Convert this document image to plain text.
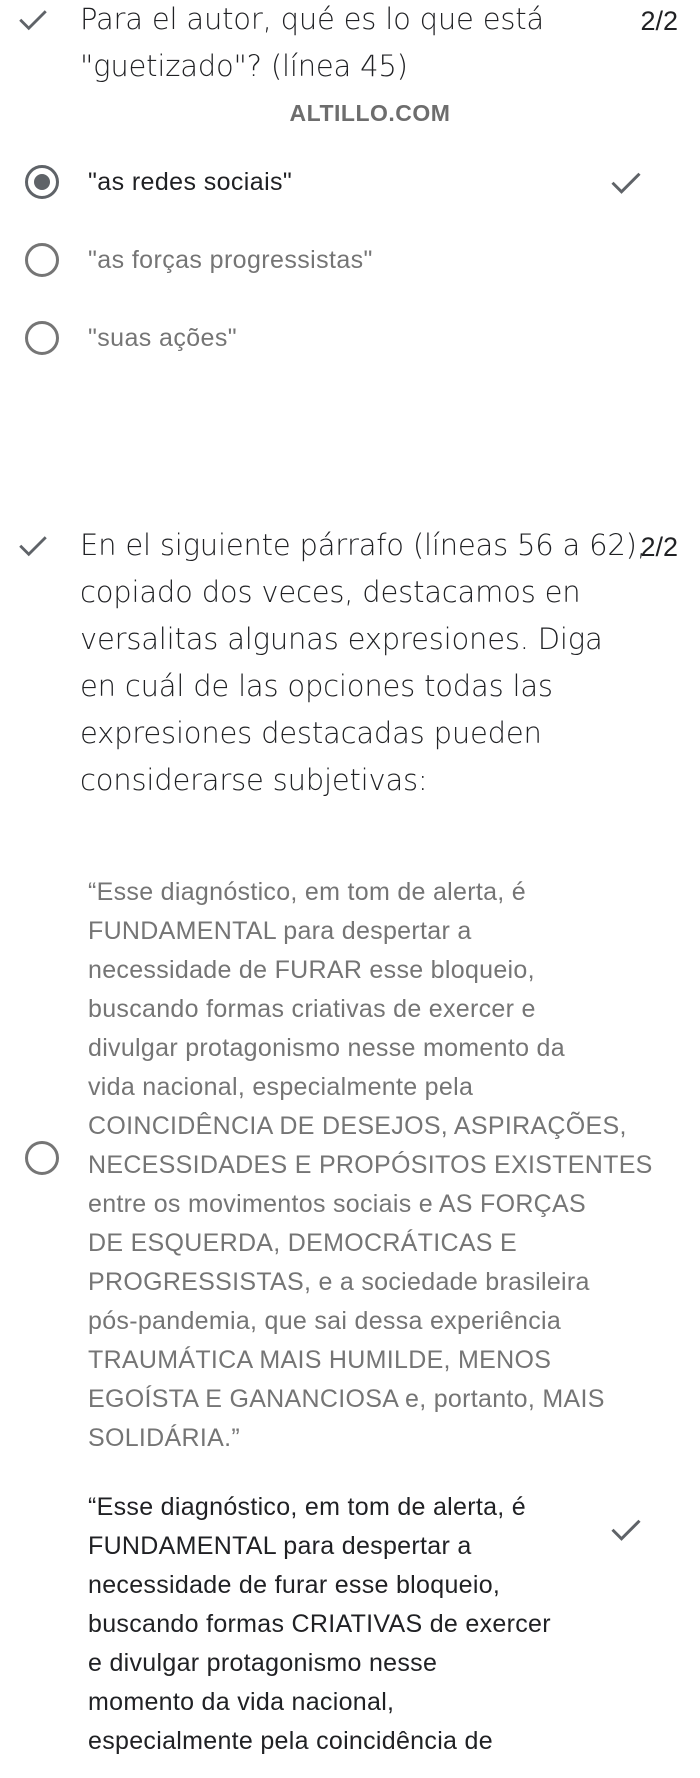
Para el autor, qué es lo que está
"guetizado"? (línea 45)
2/2
ALTILLO.COM
"as redes sociais"
"as forças progressistas"
"suas ações"
En el siguiente párrafo (líneas 56 a 62),
copiado dos veces, destacamos en
versalitas algunas expresiones. Diga
en cuál de las opciones todas las
expresiones destacadas pueden
considerarse subjetivas:
2/2
“Esse diagnóstico, em tom de alerta, é
FUNDAMENTAL para despertar a
necessidade de FURAR esse bloqueio,
buscando formas criativas de exercer e
divulgar protagonismo nesse momento da
vida nacional, especialmente pela
COINCIDÊNCIA DE DESEJOS, ASPIRAÇÕES,
NECESSIDADES E PROPÓSITOS EXISTENTES
entre os movimentos sociais e AS FORÇAS
DE ESQUERDA, DEMOCRÁTICAS E
PROGRESSISTAS, e a sociedade brasileira
pós-pandemia, que sai dessa experiência
TRAUMÁTICA MAIS HUMILDE, MENOS
EGOÍSTA E GANANCIOSA e, portanto, MAIS
SOLIDÁRIA.”
“Esse diagnóstico, em tom de alerta, é
FUNDAMENTAL para despertar a
necessidade de furar esse bloqueio,
buscando formas CRIATIVAS de exercer
e divulgar protagonismo nesse
momento da vida nacional,
especialmente pela coincidência de
